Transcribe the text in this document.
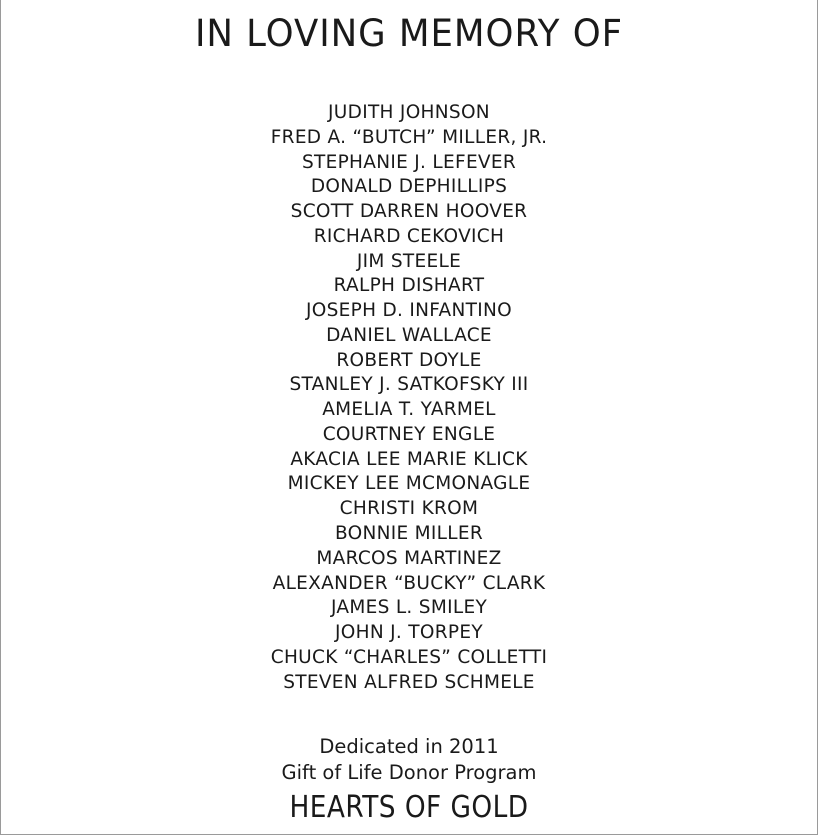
IN LOVING MEMORY OF
JUDITH JOHNSON
FRED A. “BUTCH” MILLER, JR.
STEPHANIE J. LEFEVER
DONALD DEPHILLIPS
SCOTT DARREN HOOVER
RICHARD CEKOVICH
JIM STEELE
RALPH DISHART
JOSEPH D. INFANTINO
DANIEL WALLACE
ROBERT DOYLE
STANLEY J. SATKOFSKY III
AMELIA T. YARMEL
COURTNEY ENGLE
AKACIA LEE MARIE KLICK
MICKEY LEE MCMONAGLE
CHRISTI KROM
BONNIE MILLER
MARCOS MARTINEZ
ALEXANDER “BUCKY” CLARK
JAMES L. SMILEY
JOHN J. TORPEY
CHUCK “CHARLES” COLLETTI
STEVEN ALFRED SCHMELE
Dedicated in 2011
Gift of Life Donor Program
HEARTS OF GOLD
